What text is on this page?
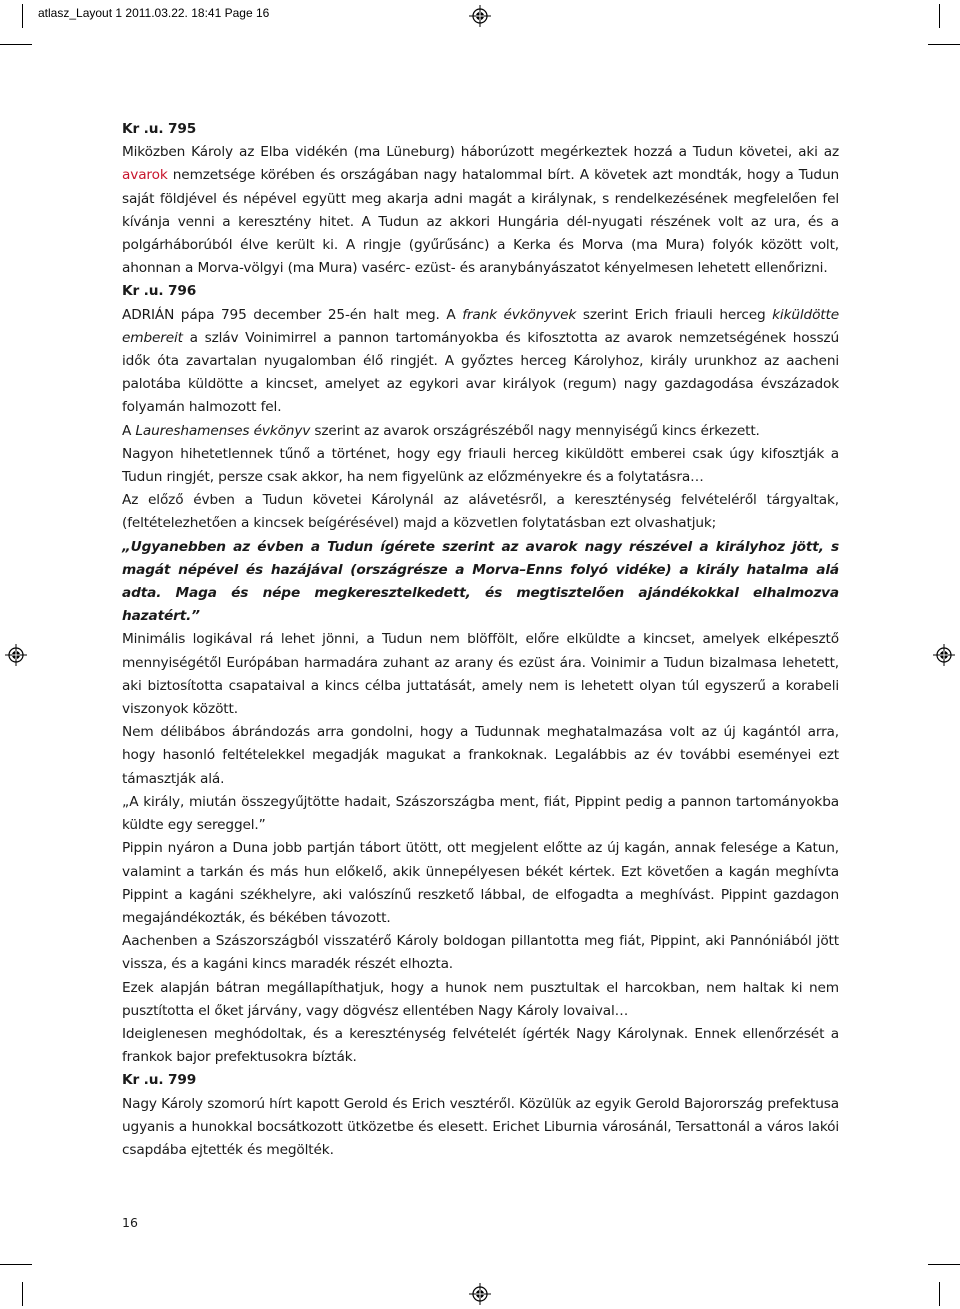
atlasz_Layout 1 2011.03.22. 18:41 Page 16

Kr .u. 795
Miközben Károly az Elba vidékén (ma Lüneburg) háborúzott megérkeztek hozzá a Tudun követei, aki az avarok nemzetsége körében és országában nagy hatalommal bírt. A követek azt mondták, hogy a Tudun saját földjével és népével együtt meg akarja adni magát a királynak, s rendelkezésének megfelelően fel kívánja venni a keresztény hitet. A Tudun az akkori Hungária dél-nyugati részének volt az ura, és a polgárháborúból élve került ki. A ringje (gyűrűsánc) a Kerka és Morva (ma Mura) folyók között volt, ahonnan a Morva-völgyi (ma Mura) vasérc- ezüst- és aranybányászatot kényelmesen lehetett ellenőrizni.

Kr .u. 796
ADRIÁN pápa 795 december 25-én halt meg. A frank évkönyvek szerint Erich friauli herceg kiküldötte embereit a szláv Voinimirrel a pannon tartományokba és kifosztotta az avarok nemzetségének hosszú idők óta zavartalan nyugalomban élő ringjét. A győztes herceg Károlyhoz, király urunkhoz az aacheni palotába küldötte a kincset, amelyet az egykori avar királyok (regum) nagy gazdagodása évszázadok folyamán halmozott fel.

A Laureshamenses évkönyv szerint az avarok országrészéből nagy mennyiségű kincs érkezett.

Nagyon hihetetlennek tűnő a történet, hogy egy friauli herceg kiküldött emberei csak úgy kifosztják a Tudun ringjét, persze csak akkor, ha nem figyelünk az előzményekre és a folytatásra…

Az előző évben a Tudun követei Károlynál az alávetésről, a kereszténység felvételéről tárgyaltak, (feltételezhetően a kincsek beígérésével) majd a közvetlen folytatásban ezt olvashatjuk;

„Ugyanebben az évben a Tudun ígérete szerint az avarok nagy részével a királyhoz jött, s magát népével és hazájával (országrésze a Morva–Enns folyó vidéke) a király hatalma alá adta. Maga és népe megkeresztelkedett, és megtisztelően ajándékokkal elhalmozva hazatért.”

Minimális logikával rá lehet jönni, a Tudun nem blöffölt, előre elküldte a kincset, amelyek elképesztő mennyiségétől Európában harmadára zuhant az arany és ezüst ára. Voinimir a Tudun bizalmasa lehetett, aki biztosította csapataival a kincs célba juttatását, amely nem is lehetett olyan túl egyszerű a korabeli viszonyok között.

Nem délibábos ábrándozás arra gondolni, hogy a Tudunnak meghatalmazása volt az új kagántól arra, hogy hasonló feltételekkel megadják magukat a frankoknak. Legalábbis az év további eseményei ezt támasztják alá.

„A király, miután összegyűjtötte hadait, Szászországba ment, fiát, Pippint pedig a pannon tartományokba küldte egy sereggel.”

Pippin nyáron a Duna jobb partján tábort ütött, ott megjelent előtte az új kagán, annak felesége a Katun, valamint a tarkán és más hun előkelő, akik ünnepélyesen békét kértek. Ezt követően a kagán meghívta Pippint a kagáni székhelyre, aki valószínű reszkető lábbal, de elfogadta a meghívást. Pippint gazdagon megajándékozták, és békében távozott.

Aachenben a Szászországból visszatérő Károly boldogan pillantotta meg fiát, Pippint, aki Pannóniából jött vissza, és a kagáni kincs maradék részét elhozta.

Ezek alapján bátran megállapíthatjuk, hogy a hunok nem pusztultak el harcokban, nem haltak ki nem pusztította el őket járvány, vagy dögvész ellentében Nagy Károly lovaival…

Ideiglenesen meghódoltak, és a kereszténység felvételét ígérték Nagy Károlynak. Ennek ellenőrzését a frankok bajor prefektusokra bízták.

Kr .u. 799
Nagy Károly szomorú hírt kapott Gerold és Erich vesztéről. Közülük az egyik Gerold Bajorország prefektusa ugyanis a hunokkal bocsátkozott ütközetbe és elesett. Erichet Liburnia városánál, Tersattonál a város lakói csapdába ejtették és megölték.

16
